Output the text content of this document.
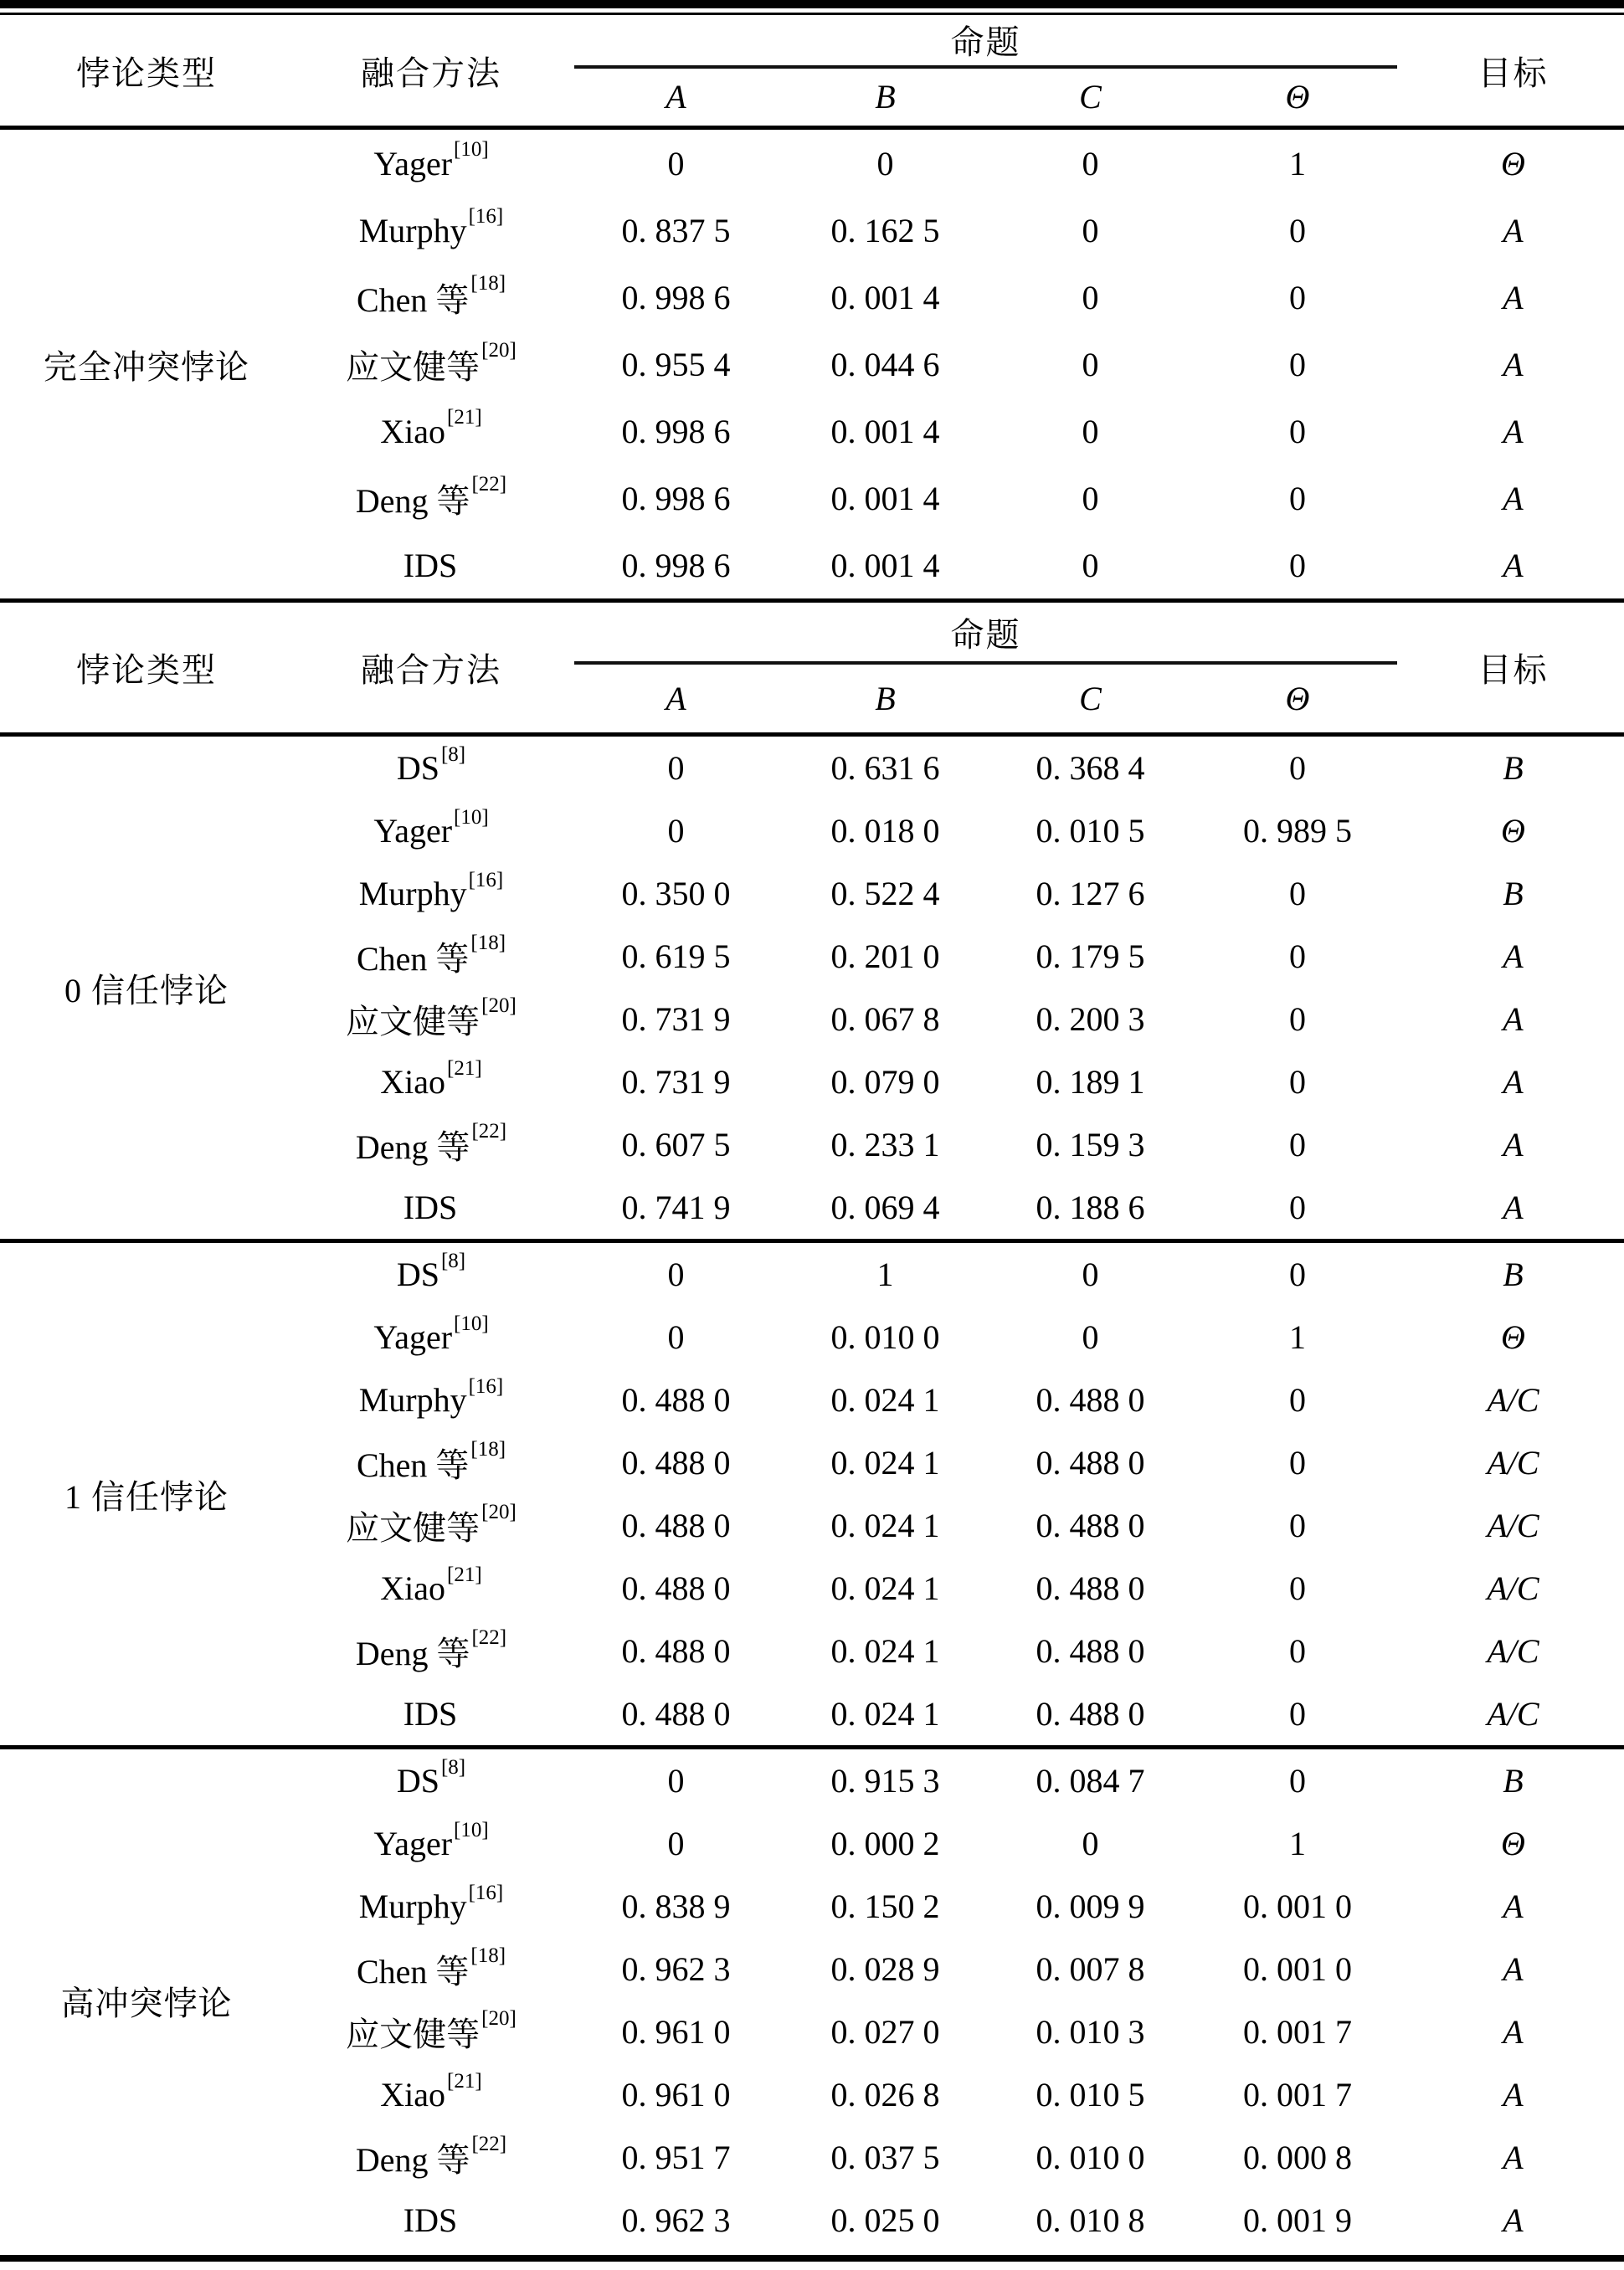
悖论类型	融合方法
命题
A	B	C	Θ
目标
完全冲突悖论
Yager [10]	0	0	0	1	Θ
Murphy [16]	0. 837 5	0. 162 5	0	0	A
Chen 等 [18]	0. 998 6	0. 001 4	0	0	A
应文健等 [20]	0. 955 4	0. 044 6	0	0	A
Xiao [21]	0. 998 6	0. 001 4	0	0	A
Deng 等 [22]	0. 998 6	0. 001 4	0	0	A
IDS	0. 998 6	0. 001 4	0	0	A
悖论类型	融合方法
命题
A	B	C	Θ
目标
0 信任悖论
DS [8]	0	0. 631 6	0. 368 4	0	B
Yager [10]	0	0. 018 0	0. 010 5	0. 989 5	Θ
Murphy [16]	0. 350 0	0. 522 4	0. 127 6	0	B
Chen 等 [18]	0. 619 5	0. 201 0	0. 179 5	0	A
应文健等 [20]	0. 731 9	0. 067 8	0. 200 3	0	A
Xiao [21]	0. 731 9	0. 079 0	0. 189 1	0	A
Deng 等 [22]	0. 607 5	0. 233 1	0. 159 3	0	A
IDS	0. 741 9	0. 069 4	0. 188 6	0	A
1 信任悖论
DS [8]	0	1	0	0	B
Yager [10]	0	0. 010 0	0	1	Θ
Murphy [16]	0. 488 0	0. 024 1	0. 488 0	0	A/C
Chen 等 [18]	0. 488 0	0. 024 1	0. 488 0	0	A/C
应文健等 [20]	0. 488 0	0. 024 1	0. 488 0	0	A/C
Xiao [21]	0. 488 0	0. 024 1	0. 488 0	0	A/C
Deng 等 [22]	0. 488 0	0. 024 1	0. 488 0	0	A/C
IDS	0. 488 0	0. 024 1	0. 488 0	0	A/C
高冲突悖论
DS [8]	0	0. 915 3	0. 084 7	0	B
Yager [10]	0	0. 000 2	0	1	Θ
Murphy [16]	0. 838 9	0. 150 2	0. 009 9	0. 001 0	A
Chen 等 [18]	0. 962 3	0. 028 9	0. 007 8	0. 001 0	A
应文健等 [20]	0. 961 0	0. 027 0	0. 010 3	0. 001 7	A
Xiao [21]	0. 961 0	0. 026 8	0. 010 5	0. 001 7	A
Deng 等 [22]	0. 951 7	0. 037 5	0. 010 0	0. 000 8	A
IDS	0. 962 3	0. 025 0	0. 010 8	0. 001 9	A
